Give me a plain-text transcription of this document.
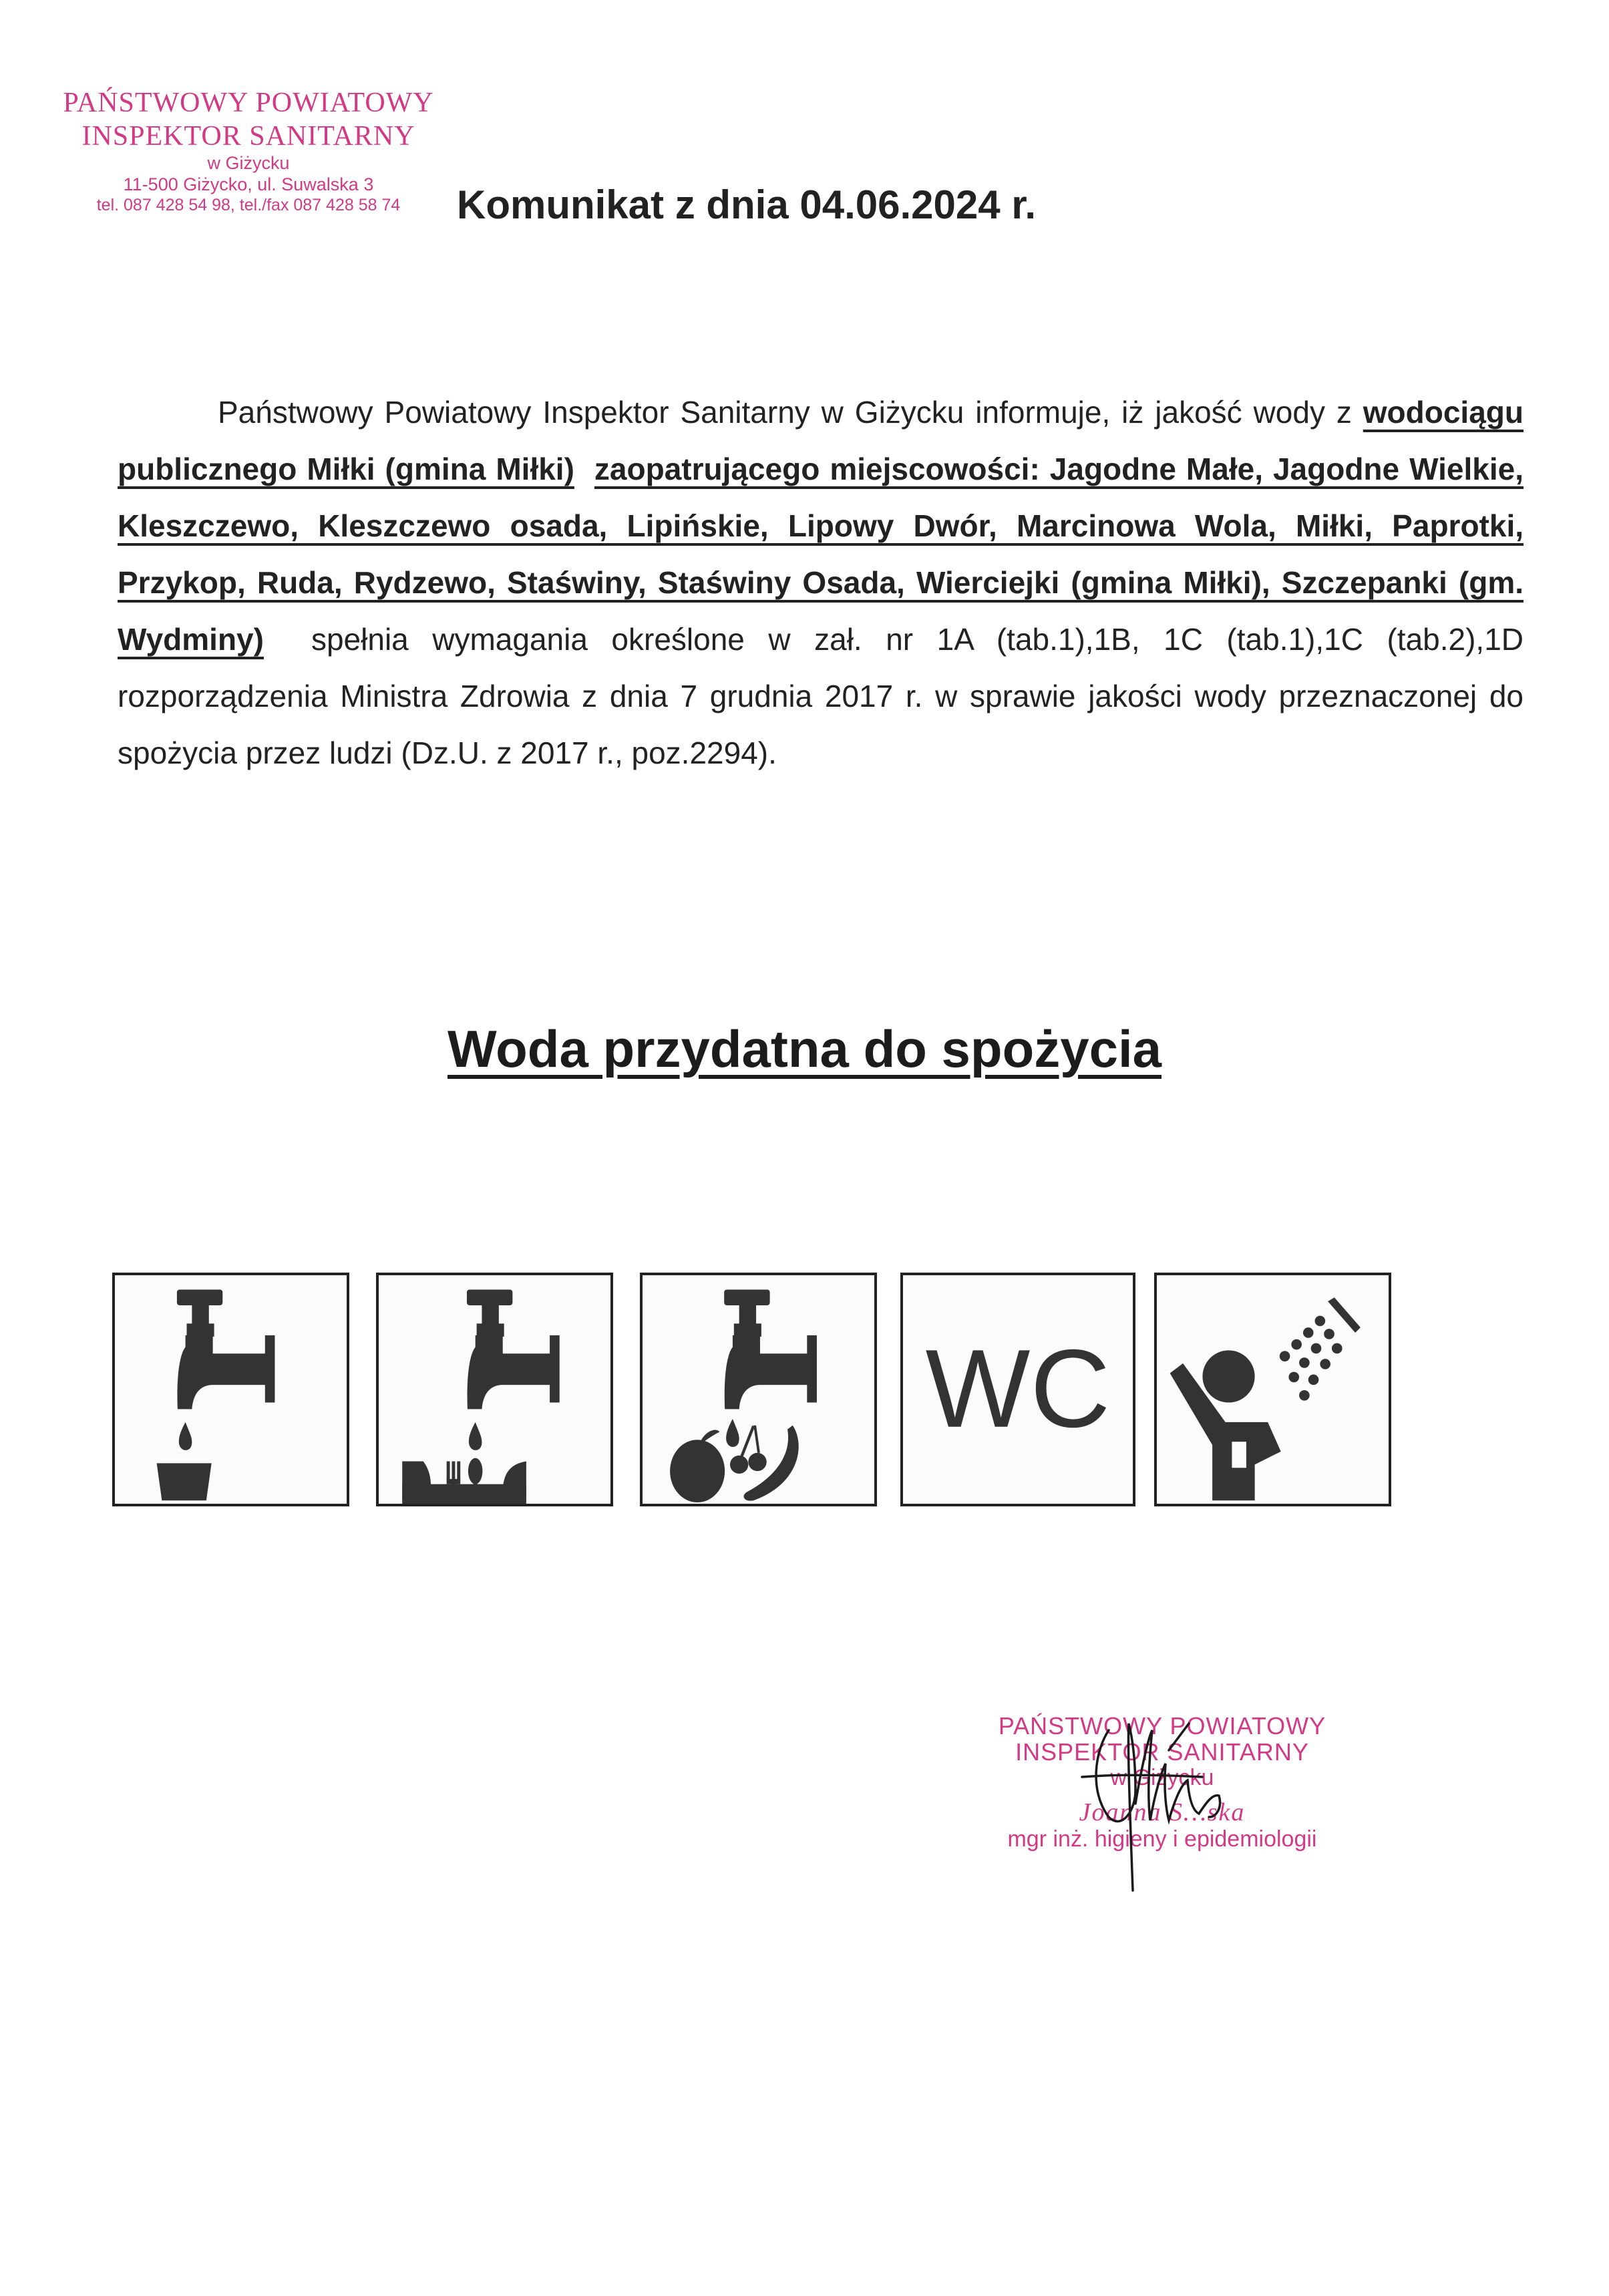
PAŃSTWOWY POWIATOWY
INSPEKTOR SANITARNY
w Giżycku
11-500 Giżycko, ul. Suwalska 3
tel. 087 428 54 98, tel./fax 087 428 58 74	Komunikat z dnia 04.06.2024 r.
Państwowy Powiatowy Inspektor Sanitarny w Giżycku informuje, iż jakość wody z wodociągu publicznego Miłki (gmina Miłki) zaopatrującego miejscowości: Jagodne Małe, Jagodne Wielkie, Kleszczewo, Kleszczewo osada, Lipińskie, Lipowy Dwór, Marcinowa Wola, Miłki, Paprotki, Przykop, Ruda, Rydzewo, Staświny, Staświny Osada, Wierciejki (gmina Miłki), Szczepanki (gm. Wydminy) spełnia wymagania określone w zał. nr 1A (tab.1),1B, 1C (tab.1),1C (tab.2),1D rozporządzenia Ministra Zdrowia z dnia 7 grudnia 2017 r. w sprawie jakości wody przeznaczonej do spożycia przez ludzi (Dz.U. z 2017 r., poz.2294).
Woda przydatna do spożycia
WC
PAŃSTWOWY POWIATOWY
INSPEKTOR SANITARNY
w Giżycku
Joanna S…ska
mgr inż. higieny i epidemiologii
